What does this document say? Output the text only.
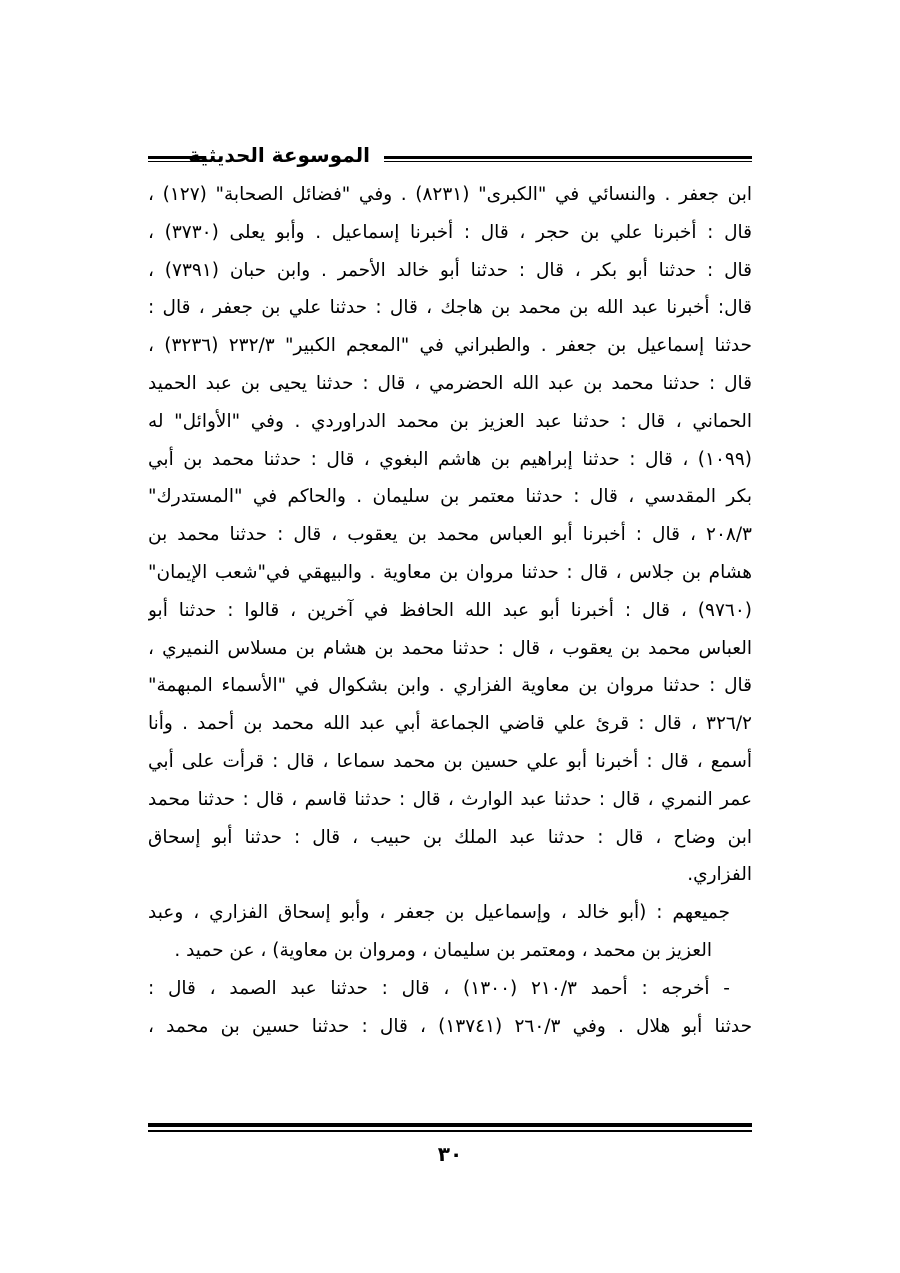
الموسوعة الحديثية
ابن جعفر . والنسائي في "الكبرى" (٨٢٣١) . وفي "فضائل الصحابة" (١٢٧) ،
قال : أخبرنا علي بن حجر ، قال : أخبرنا إسماعيل . وأبو يعلى (٣٧٣٠) ،
قال : حدثنا أبو بكر ، قال : حدثنا أبو خالد الأحمر . وابن حبان (٧٣٩١) ،
قال: أخبرنا عبد الله بن محمد بن هاجك ، قال : حدثنا علي بن جعفر ، قال :
حدثنا إسماعيل بن جعفر . والطبراني في "المعجم الكبير" ٢٣٢/٣ (٣٢٣٦) ،
قال : حدثنا محمد بن عبد الله الحضرمي ، قال : حدثنا يحيى بن عبد الحميد
الحماني ، قال : حدثنا عبد العزيز بن محمد الدراوردي . وفي "الأوائل" له
(١٠٩٩) ، قال : حدثنا إبراهيم بن هاشم البغوي ، قال : حدثنا محمد بن أبي
بكر المقدسي ، قال : حدثنا معتمر بن سليمان . والحاكم في "المستدرك"
٢٠٨/٣ ، قال : أخبرنا أبو العباس محمد بن يعقوب ، قال : حدثنا محمد بن
هشام بن جلاس ، قال : حدثنا مروان بن معاوية . والبيهقي في"شعب الإيمان"
(٩٧٦٠) ، قال : أخبرنا أبو عبد الله الحافظ في آخرين ، قالوا : حدثنا أبو
العباس محمد بن يعقوب ، قال : حدثنا محمد بن هشام بن مسلاس النميري ،
قال : حدثنا مروان بن معاوية الفزاري . وابن بشكوال في "الأسماء المبهمة"
٣٢٦/٢ ، قال : قرئ علي قاضي الجماعة أبي عبد الله محمد بن أحمد . وأنا
أسمع ، قال : أخبرنا أبو علي حسين بن محمد سماعا ، قال : قرأت على أبي
عمر النمري ، قال : حدثنا عبد الوارث ، قال : حدثنا قاسم ، قال : حدثنا محمد
ابن وضاح ، قال : حدثنا عبد الملك بن حبيب ، قال : حدثنا أبو إسحاق
الفزاري.
جميعهم : (أبو خالد ، وإسماعيل بن جعفر ، وأبو إسحاق الفزاري ، وعبد
العزيز بن محمد ، ومعتمر بن سليمان ، ومروان بن معاوية) ، عن حميد .
- أخرجه : أحمد ٢١٠/٣ (١٣٠٠) ، قال : حدثنا عبد الصمد ، قال :
حدثنا أبو هلال . وفي ٢٦٠/٣ (١٣٧٤١) ، قال : حدثنا حسين بن محمد ،
٣٠
